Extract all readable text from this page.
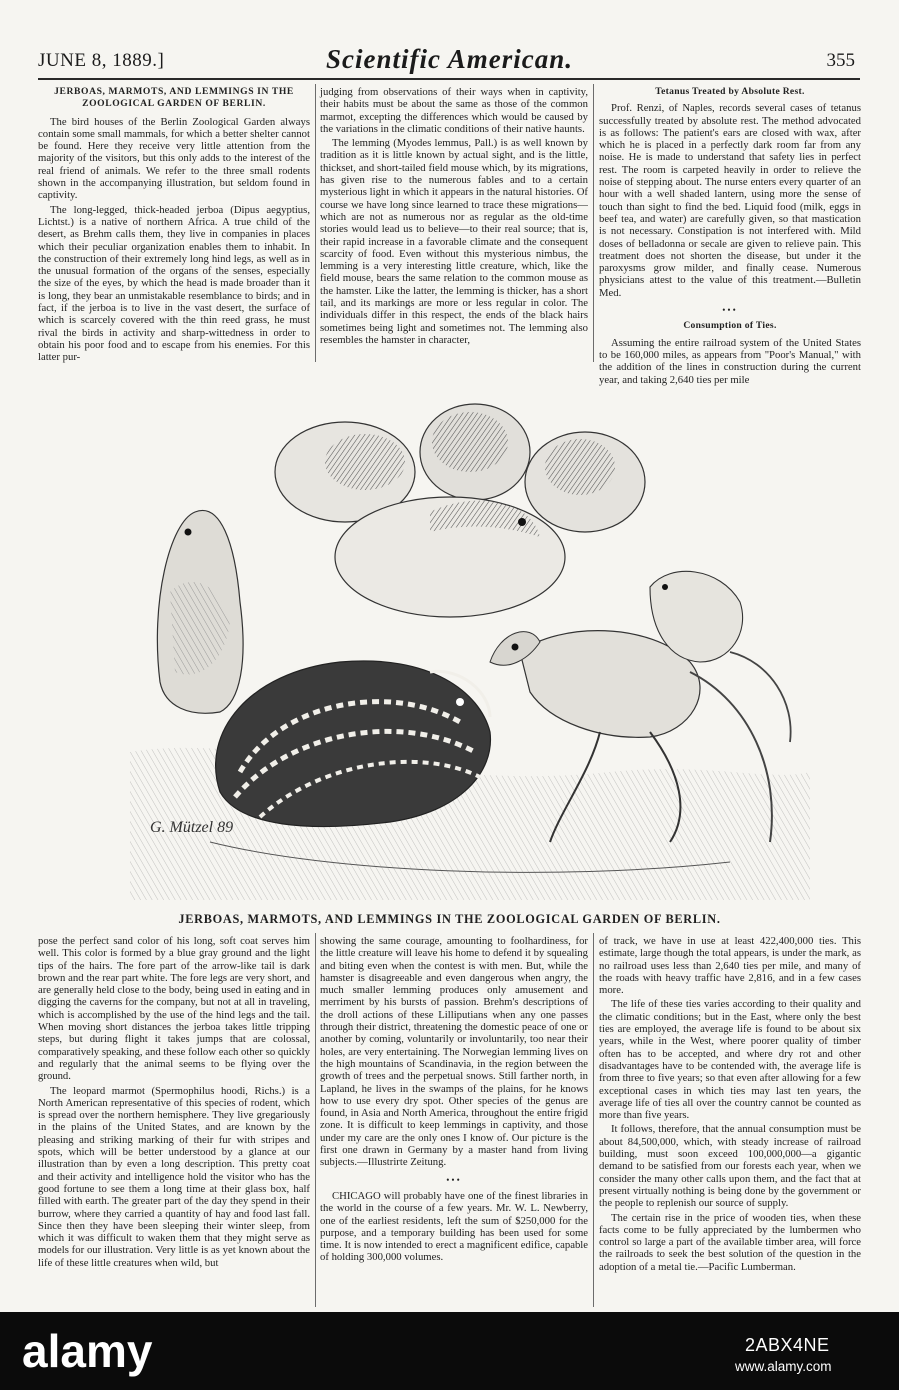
JUNE 8, 1889.]	Scientific American.	355

JERBOAS, MARMOTS, AND LEMMINGS IN THE ZOOLOGICAL GARDEN OF BERLIN.

The bird houses of the Berlin Zoological Garden always contain some small mammals, for which a better shelter cannot be found. Here they receive very little attention from the majority of the visitors, but this only adds to the interest of the real friend of animals. We refer to the three small rodents shown in the accompanying illustration, but seldom found in captivity.

The long-legged, thick-headed jerboa (Dipus aegyptius, Lichtst.) is a native of northern Africa. A true child of the desert, as Brehm calls them, they live in companies in places which their peculiar organization enables them to inhabit. In the construction of their extremely long hind legs, as well as in the unusual formation of the organs of the senses, especially the size of the eyes, by which the head is made broader than it is long, they bear an unmistakable resemblance to birds; and in fact, if the jerboa is to live in the vast desert, the surface of which is scarcely covered with the thin reed grass, he must rival the birds in activity and sharp-wittedness in order to obtain his poor food and to escape from his enemies. For this latter pur-

judging from observations of their ways when in captivity, their habits must be about the same as those of the common marmot, excepting the differences which would be caused by the variations in the climatic conditions of their native haunts.

The lemming (Myodes lemmus, Pall.) is as well known by tradition as it is little known by actual sight, and is the little, thickset, and short-tailed field mouse which, by its migrations, has given rise to the numerous fables and to a certain mysterious light in which it appears in the natural histories. Of course we have long since learned to trace these migrations—which are not as numerous nor as regular as the old-time stories would lead us to believe—to their real source; that is, their rapid increase in a favorable climate and the consequent scarcity of food. Even without this mysterious nimbus, the lemming is a very interesting little creature, which, like the field mouse, bears the same relation to the common mouse as the hamster. Like the latter, the lemming is thicker, has a short tail, and its markings are more or less regular in color. The individuals differ in this respect, the ends of the black hairs sometimes being light and sometimes not. The lemming also resembles the hamster in character,

Tetanus Treated by Absolute Rest.

Prof. Renzi, of Naples, records several cases of tetanus successfully treated by absolute rest. The method advocated is as follows: The patient's ears are closed with wax, after which he is placed in a perfectly dark room far from any noise. He is made to understand that safety lies in perfect rest. The room is carpeted heavily in order to relieve the noise of stepping about. The nurse enters every quarter of an hour with a well shaded lantern, using more the sense of touch than sight to find the bed. Liquid food (milk, eggs in beef tea, and water) are carefully given, so that mastication is not necessary. Constipation is not interfered with. Mild doses of belladonna or secale are given to relieve pain. This treatment does not shorten the disease, but under it the paroxysms grow milder, and finally cease. Numerous physicians attest to the value of this treatment.—Bulletin Med.

•••

Consumption of Ties.

Assuming the entire railroad system of the United States to be 160,000 miles, as appears from "Poor's Manual," with the addition of the lines in construction during the current year, and taking 2,640 ties per mile

G. Mützel 89
JERBOAS, MARMOTS, AND LEMMINGS IN THE ZOOLOGICAL GARDEN OF BERLIN.

pose the perfect sand color of his long, soft coat serves him well. This color is formed by a blue gray ground and the light tips of the hairs. The fore part of the arrow-like tail is dark brown and the rear part white. The fore legs are very short, and are generally held close to the body, being used in eating and in digging the caverns for the company, but not at all in traveling, which is accomplished by the use of the hind legs and the tail. When moving short distances the jerboa takes little tripping steps, but during flight it takes jumps that are colossal, comparatively speaking, and these follow each other so quickly and regularly that the animal seems to be flying over the ground.

The leopard marmot (Spermophilus hoodi, Richs.) is a North American representative of this species of rodent, which is spread over the northern hemisphere. They live gregariously in the plains of the United States, and are known by the pleasing and striking marking of their fur with stripes and spots, which will be better understood by a glance at our illustration than by even a long description. This pretty coat and their activity and intelligence hold the visitor who has the good fortune to see them a long time at their glass box, half filled with earth. The greater part of the day they spend in their burrow, where they carried a quantity of hay and food last fall. Since then they have been sleeping their winter sleep, from which it was difficult to waken them that they might serve as models for our illustration. Very little is as yet known about the life of these little creatures when wild, but

showing the same courage, amounting to foolhardiness, for the little creature will leave his home to defend it by squealing and biting even when the contest is with men. But, while the hamster is disagreeable and even dangerous when angry, the much smaller lemming produces only amusement and merriment by his bursts of passion. Brehm's descriptions of the droll actions of these Lilliputians when any one passes through their district, threatening the domestic peace of one or another by coming, voluntarily or involuntarily, too near their holes, are very entertaining. The Norwegian lemming lives on the high mountains of Scandinavia, in the region between the growth of trees and the perpetual snows. Still farther north, in Lapland, he lives in the swamps of the plains, for he knows how to use every dry spot. Other species of the genus are found, in Asia and North America, throughout the entire frigid zone. It is difficult to keep lemmings in captivity, and those under my care are the only ones I know of. Our picture is the first one drawn in Germany by a master hand from living subjects.—Illustrirte Zeitung.

•••

CHICAGO will probably have one of the finest libraries in the world in the course of a few years. Mr. W. L. Newberry, one of the earliest residents, left the sum of $250,000 for the purpose, and a temporary building has been used for some time. It is now intended to erect a magnificent edifice, capable of holding 300,000 volumes.

of track, we have in use at least 422,400,000 ties. This estimate, large though the total appears, is under the mark, as no railroad uses less than 2,640 ties per mile, and many of the roads with heavy traffic have 2,816, and in a few cases more.

The life of these ties varies according to their quality and the climatic conditions; but in the East, where only the best ties are employed, the average life is found to be about six years, while in the West, where poorer quality of timber often has to be accepted, and where dry rot and other disadvantages have to be contended with, the average life is from three to five years; so that even after allowing for a few exceptional cases in which ties may last ten years, the average life of ties all over the country cannot be counted as more than five years.

It follows, therefore, that the annual consumption must be about 84,500,000, which, with steady increase of railroad building, must soon exceed 100,000,000—a gigantic demand to be satisfied from our forests each year, when we consider the many other calls upon them, and the fact that at present virtually nothing is being done by the government or the people to replenish our source of supply.

The certain rise in the price of wooden ties, when these facts come to be fully appreciated by the lumbermen who control so large a part of the available timber area, will force the railroads to seek the best solution of the question in the adoption of a metal tie.—Pacific Lumberman.

alamy	2ABX4NE
www.alamy.com
